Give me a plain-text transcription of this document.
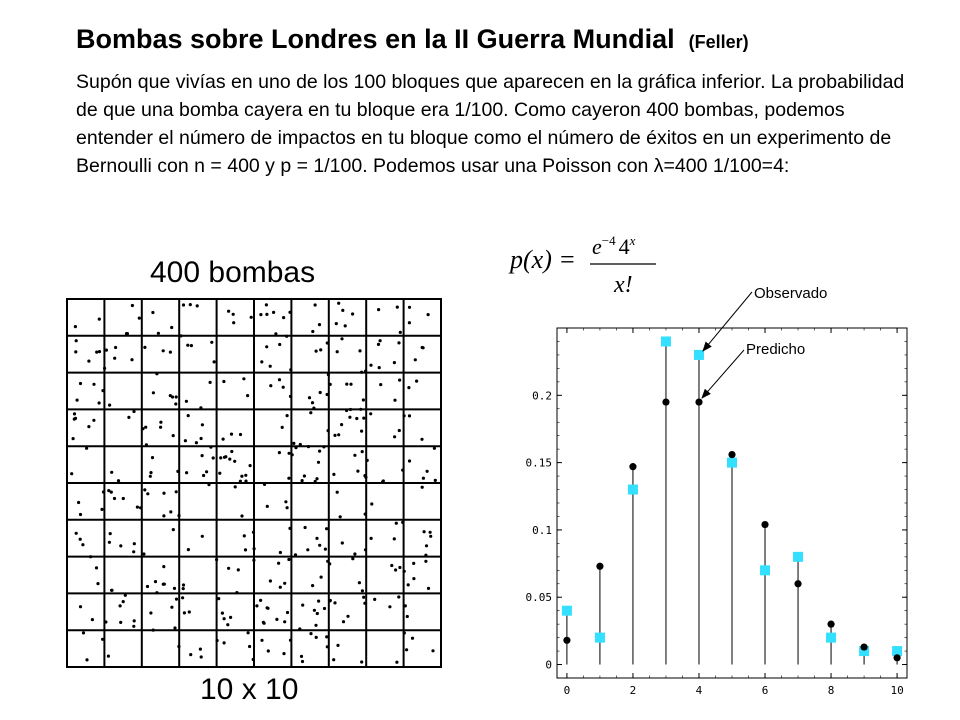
Bombas sobre Londres en la II Guerra Mundial (Feller)
Supón que vivías en uno de los 100 bloques que aparecen en la gráfica inferior. La probabilidad de que una bomba cayera en tu bloque era 1/100. Como cayeron 400 bombas, podemos entender el número de impactos en tu bloque como el número de éxitos en un experimento de Bernoulli con n = 400 y p = 1/100. Podemos usar una Poisson con λ=400 1/100=4:
400 bombas
10 x 10
$p(x) = e^{-4}$ 4$^x$
x!
0
0.05
0.1
0.15
0.2
0	2	4	6	8	10
Observado
Predicho
